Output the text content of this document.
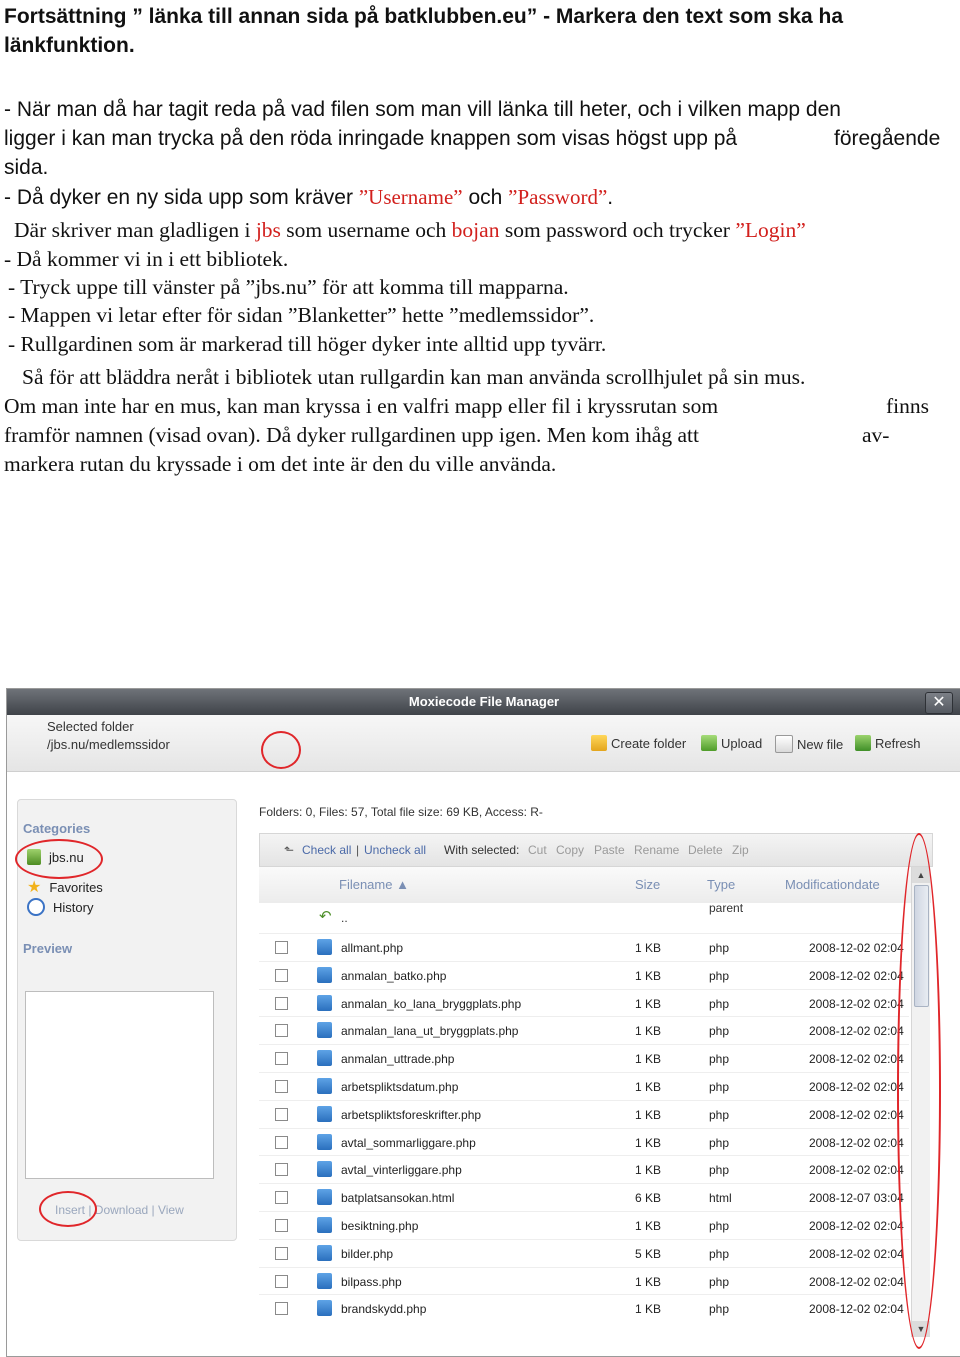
Fortsättning ” länka till annan sida på batklubben.eu” - Markera den text som ska ha länkfunktion.
- När man då har tagit reda på vad filen som man vill länka till heter, och i vilken mapp den
ligger i kan man trycka på den röda inringade knappen som visas högst upp på	föregående
sida.
- Då dyker en ny sida upp som kräver ”Username” och ”Password”.
Där skriver man gladligen i jbs som username och bojan som password och trycker ”Login”
- Då kommer vi in i ett bibliotek.
- Tryck uppe till vänster på ”jbs.nu” för att komma till mapparna.
- Mappen vi letar efter för sidan ”Blanketter” hette ”medlemssidor”.
- Rullgardinen som är markerad till höger dyker inte alltid upp tyvärr.
Så för att bläddra neråt i bibliotek utan rullgardin kan man använda scrollhjulet på sin mus.
Om man inte har en mus, kan man kryssa i en valfri mapp eller fil i kryssrutan som	finns
framför namnen (visad ovan). Då dyker rullgardinen upp igen. Men kom ihåg att	av-
markera rutan du kryssade i om det inte är den du ville använda.
Moxiecode File Manager	✕
Selected folder
/jbs.nu/medlemssidor	Create folder	Upload	New file Refresh
Categories
jbs.nu
★ Favorites
History
Preview
Insert | Download | View
Folders: 0, Files: 57, Total file size: 69 KB, Access: R-
⬑ Check all | Uncheck all With selected: Cut Copy Paste Rename Delete Zip
Filename ▲	Size	Type	Modificationdate
↶ ..
parent
allmant.php	1 KB	php	2008-12-02 02:04
anmalan_batko.php	1 KB	php	2008-12-02 02:04
anmalan_ko_lana_bryggplats.php	1 KB	php	2008-12-02 02:04
anmalan_lana_ut_bryggplats.php	1 KB	php	2008-12-02 02:04
anmalan_uttrade.php	1 KB	php	2008-12-02 02:04
arbetspliktsdatum.php	1 KB	php	2008-12-02 02:04
arbetspliktsforeskrifter.php	1 KB	php	2008-12-02 02:04
avtal_sommarliggare.php	1 KB	php	2008-12-02 02:04
avtal_vinterliggare.php	1 KB	php	2008-12-02 02:04
batplatsansokan.html	6 KB	html	2008-12-07 03:04
besiktning.php	1 KB	php	2008-12-02 02:04
bilder.php	5 KB	php	2008-12-02 02:04
bilpass.php	1 KB	php	2008-12-02 02:04
brandskydd.php	1 KB	php	2008-12-02 02:04
▲
▼
